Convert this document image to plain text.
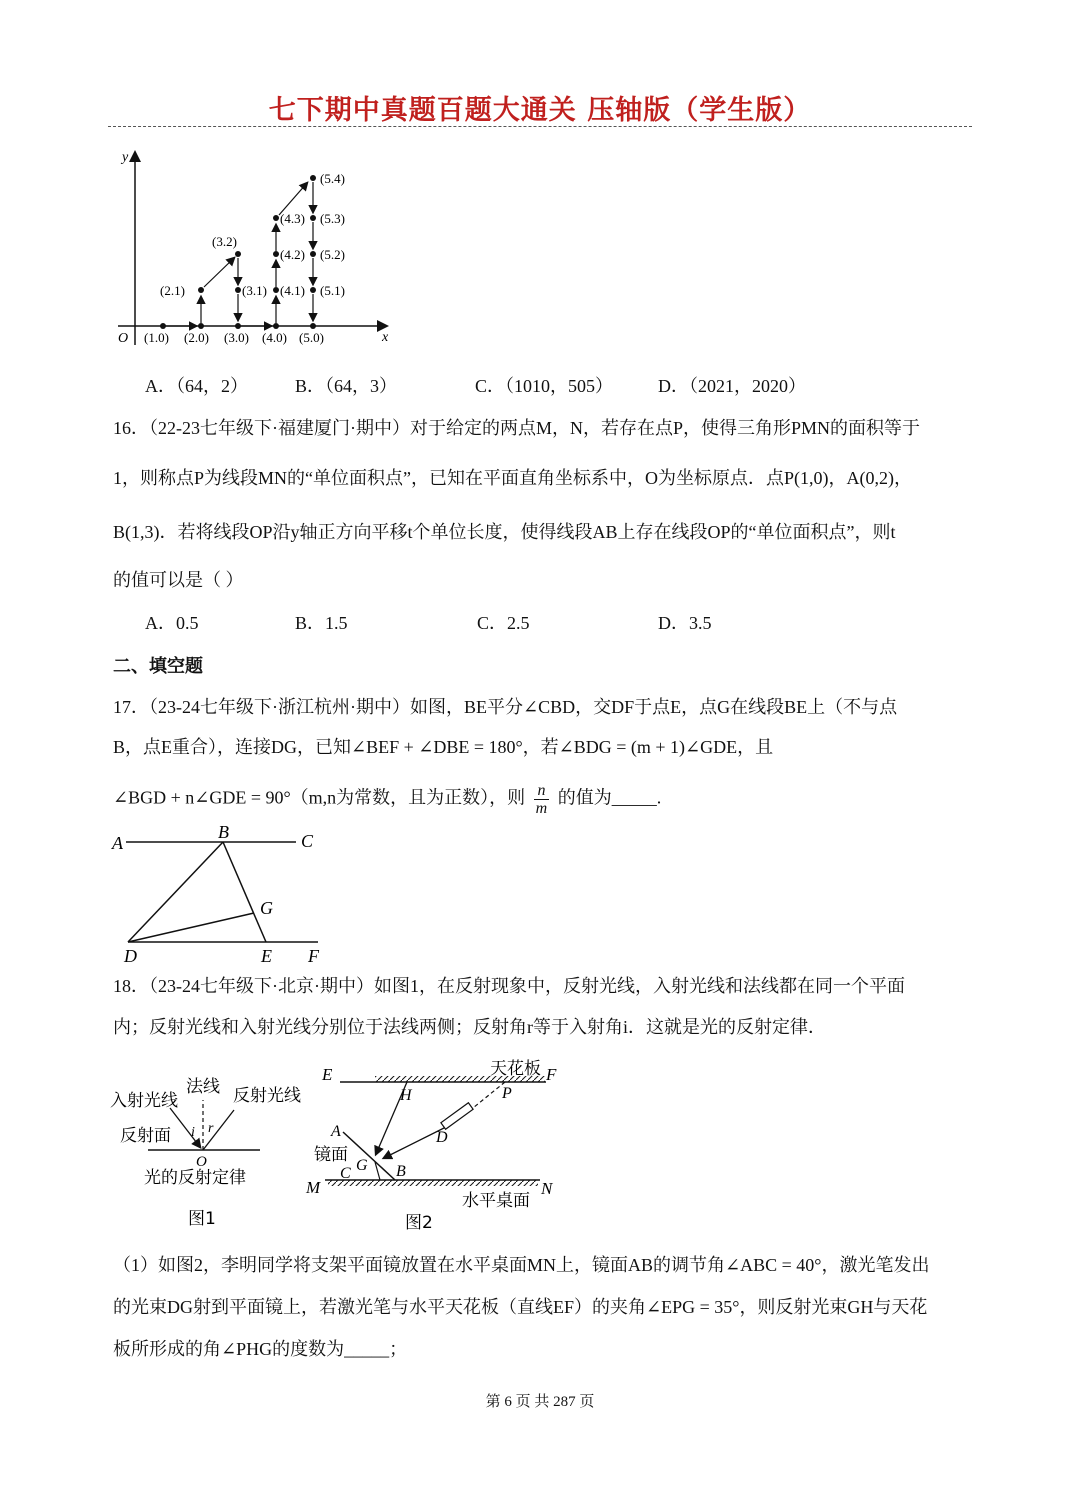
七下期中真题百题大通关 压轴版（学生版）
y
x
O (1.0) (2.0) (3.0) (4.0) (5.0)
(2.1)
(3.2)
(3.1) (4.1)
(4.2)
(4.3)
(5.4)
(5.3)
(5.2)
(5.1)
A．（64，2）	B．（64，3）	C．（1010，505） D．（2021，2020）
16．（22-23七年级下·福建厦门·期中）对于给定的两点M，N，若存在点P，使得三角形PMN的面积等于
1，则称点P为线段MN的“单位面积点”，已知在平面直角坐标系中，O为坐标原点．点P(1,0)，A(0,2)，
B(1,3)．若将线段OP沿y轴正方向平移t个单位长度，使得线段AB上存在线段OP的“单位面积点”，则t
的值可以是（ ）
A．0.5	B．1.5	C．2.5	D．3.5
二、填空题
17．（23-24七年级下·浙江杭州·期中）如图，BE平分∠CBD，交DF于点E，点G在线段BE上（不与点
B，点E重合），连接DG，已知∠BEF + ∠DBE = 180°，若∠BDG = (m + 1)∠GDE，且
∠BGD + n∠GDE = 90°（m,n为常数，且为正数），则 $\frac{n}{m}$ 的值为_____.
A
B	C
G
D	E F
18．（23-24七年级下·北京·期中）如图1，在反射现象中，反射光线，入射光线和法线都在同一个平面
内；反射光线和入射光线分别位于法线两侧；反射角r等于入射角i．这就是光的反射定律．
入射光线
法线 反射光线
反射面 i r
O
光的反射定律
图1
E	天花板 F
H	P
A	D
镜面
C G B
M
水平桌面
N
图2
（1）如图2，李明同学将支架平面镜放置在水平桌面MN上，镜面AB的调节角∠ABC = 40°，激光笔发出
的光束DG射到平面镜上，若激光笔与水平天花板（直线EF）的夹角∠EPG = 35°，则反射光束GH与天花
板所形成的角∠PHG的度数为_____；
第 6 页 共 287 页
